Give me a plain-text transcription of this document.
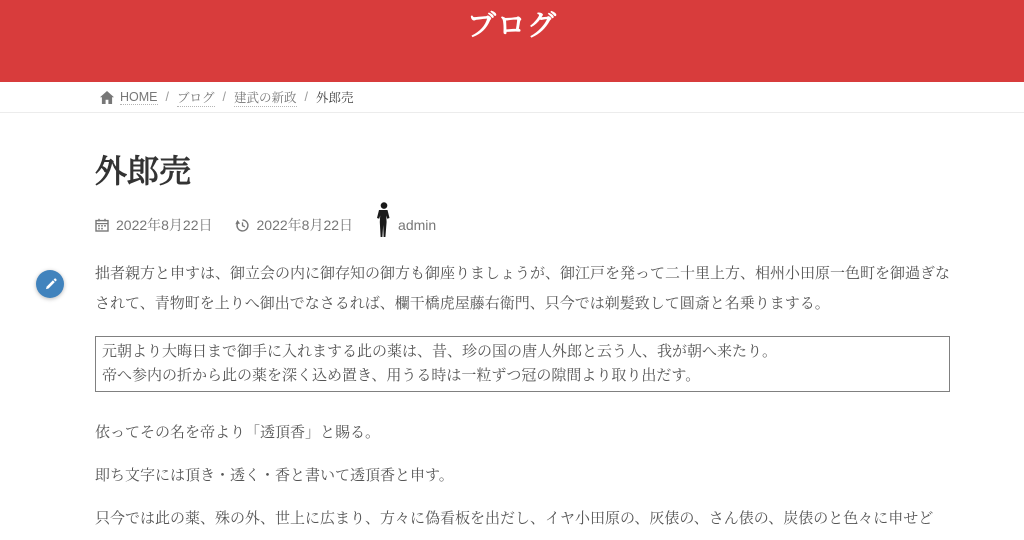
ブログ
HOME / ブログ / 建武の新政 / 外郎売
外郎売
2022年8月22日	2022年8月22日	admin

拙者親方と申すは、御立会の内に御存知の御方も御座りましょうが、御江戸を発って二十里上方、相州小田原一色町を御過ぎなされて、青物町を上りへ御出でなさるれば、欄干橋虎屋藤右衛門、只今では剃髪致して圓斎と名乗りまする。

元朝より大晦日まで御手に入れまする此の薬は、昔、珍の国の唐人外郎と云う人、我が朝へ来たり。
帝へ参内の折から此の薬を深く込め置き、用うる時は一粒ずつ冠の隙間より取り出だす。

依ってその名を帝より「透頂香」と賜る。

即ち文字には頂き・透く・香と書いて透頂香と申す。

只今では此の薬、殊の外、世上に広まり、方々に偽看板を出だし、イヤ小田原の、灰俵の、さん俵の、炭俵のと色々に申せど
